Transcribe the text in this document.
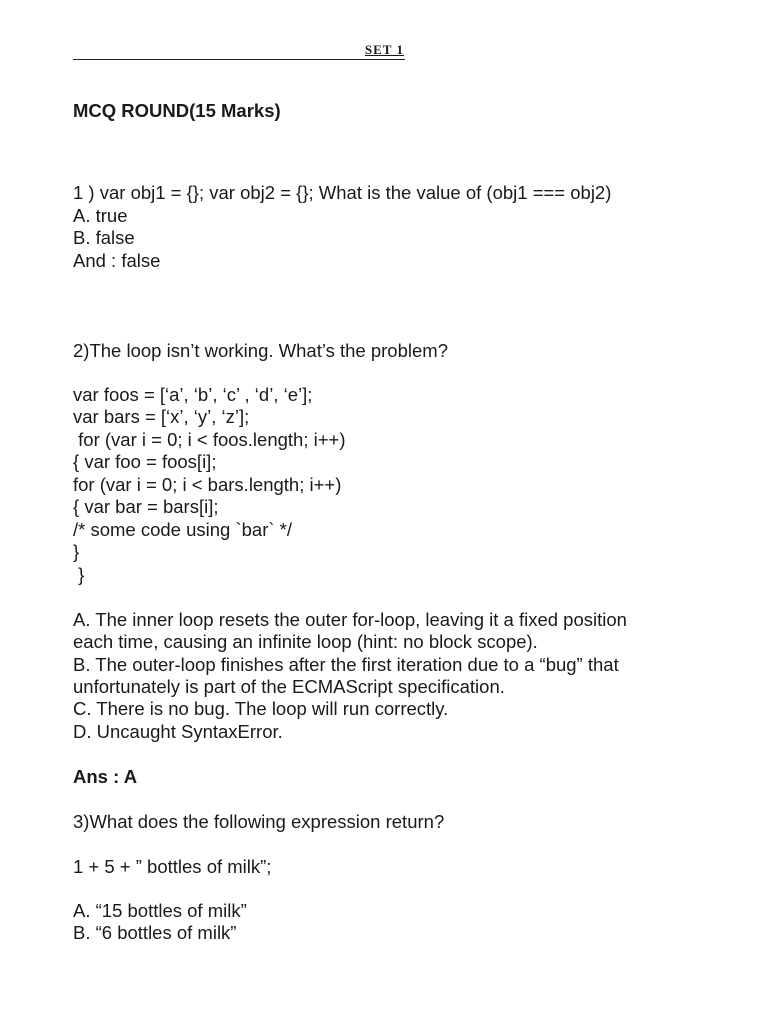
SET 1
MCQ ROUND(15 Marks)
1 ) var obj1 = {}; var obj2 = {}; What is the value of (obj1 === obj2)
A. true
B. false
And : false
2)The loop isn’t working. What’s the problem?
var foos = [‘a’, ‘b’, ‘c’ , ‘d’, ‘e’];
var bars = [‘x’, ‘y’, ‘z’];
for (var i = 0; i < foos.length; i++)
{ var foo = foos[i];
for (var i = 0; i < bars.length; i++)
{ var bar = bars[i];
/* some code using `bar` */
}
}
A. The inner loop resets the outer for-loop, leaving it a fixed position
each time, causing an infinite loop (hint: no block scope).
B. The outer-loop finishes after the first iteration due to a “bug” that
unfortunately is part of the ECMAScript specification.
C. There is no bug. The loop will run correctly.
D. Uncaught SyntaxError.
Ans : A
3)What does the following expression return?
1 + 5 + ” bottles of milk”;
A. “15 bottles of milk”
B. “6 bottles of milk”
